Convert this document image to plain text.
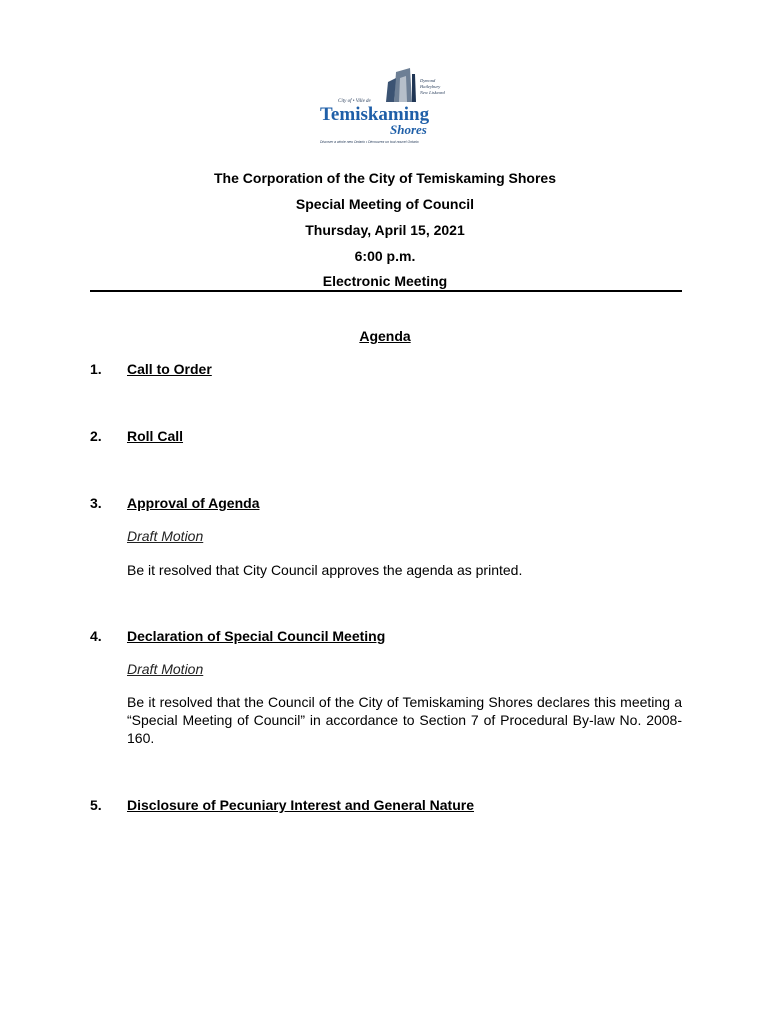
City of • Ville de
Dymond
Haileybury
New Liskeard
Temiskaming
Shores
Discover a whole new Ontario • Découvrez un tout nouvel Ontario
The Corporation of the City of Temiskaming Shores
Special Meeting of Council
Thursday, April 15, 2021
6:00 p.m.
Electronic Meeting
Agenda
1. Call to Order
2. Roll Call
3. Approval of Agenda
Draft Motion
Be it resolved that City Council approves the agenda as printed.
4. Declaration of Special Council Meeting
Draft Motion
Be it resolved that the Council of the City of Temiskaming Shores declares this meeting a “Special Meeting of Council” in accordance to Section 7 of Procedural By-law No. 2008-160.
5. Disclosure of Pecuniary Interest and General Nature
